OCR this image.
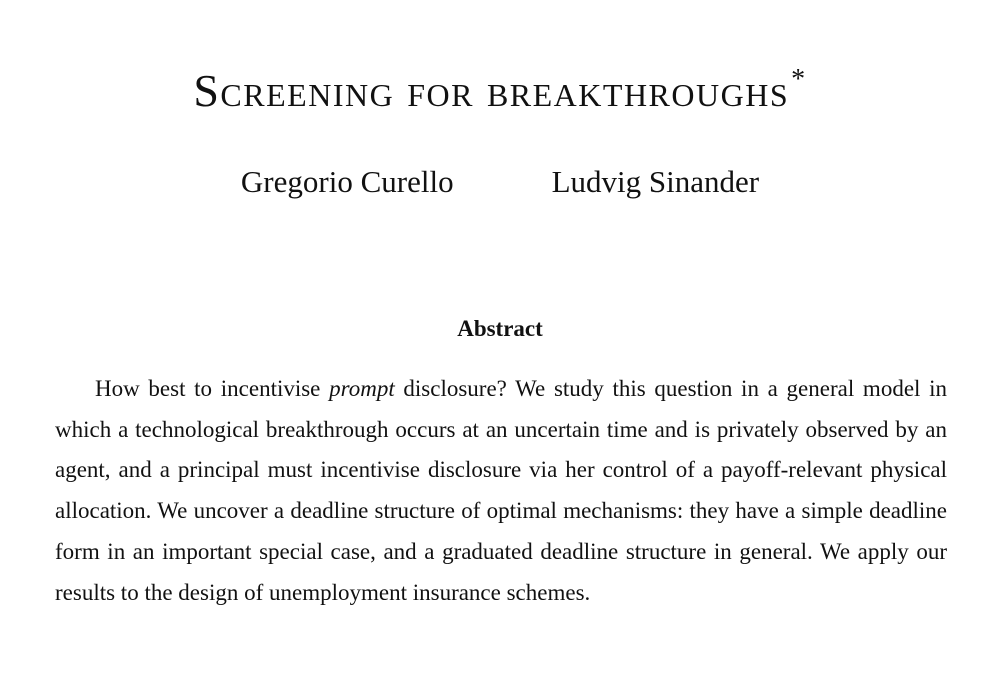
Screening for breakthroughs*
Gregorio Curello	Ludvig Sinander
Abstract

How best to incentivise prompt disclosure? We study this question in a general model in which a technological breakthrough occurs at an uncertain time and is privately observed by an agent, and a principal must incentivise disclosure via her control of a payoff-relevant physical allocation. We uncover a deadline structure of optimal mechanisms: they have a simple deadline form in an important special case, and a graduated deadline structure in general. We apply our results to the design of unemployment insurance schemes.
